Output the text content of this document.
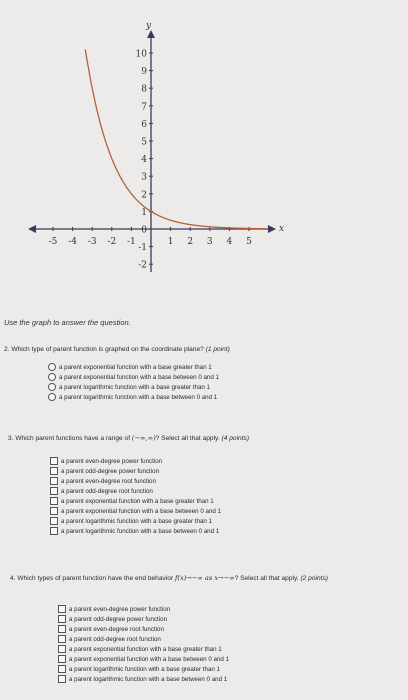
x
y
10
9
8
7
6
5
4
3
2
1
0
-1
-2
-5 -4 -3 -2 -1	1 2 3 4 5
Use the graph to answer the question.
2. Which type of parent function is graphed on the coordinate plane? (1 point)
a parent exponential function with a base greater than 1
a parent exponential function with a base between 0 and 1
a parent logarithmic function with a base greater than 1
a parent logarithmic function with a base between 0 and 1
3. Which parent functions have a range of (−∞,∞)? Select all that apply. (4 points)
a parent even-degree power function
a parent odd-degree power function
a parent even-degree root function
a parent odd-degree root function
a parent exponential function with a base greater than 1
a parent exponential function with a base between 0 and 1
a parent logarithmic function with a base greater than 1
a parent logarithmic function with a base between 0 and 1
4. Which types of parent function have the end behavior f(x)→−∞ as x→−∞? Select all that apply. (2 points)
a parent even-degree power function
a parent odd-degree power function
a parent even-degree root function
a parent odd-degree root function
a parent exponential function with a base greater than 1
a parent exponential function with a base between 0 and 1
a parent logarithmic function with a base greater than 1
a parent logarithmic function with a base between 0 and 1
